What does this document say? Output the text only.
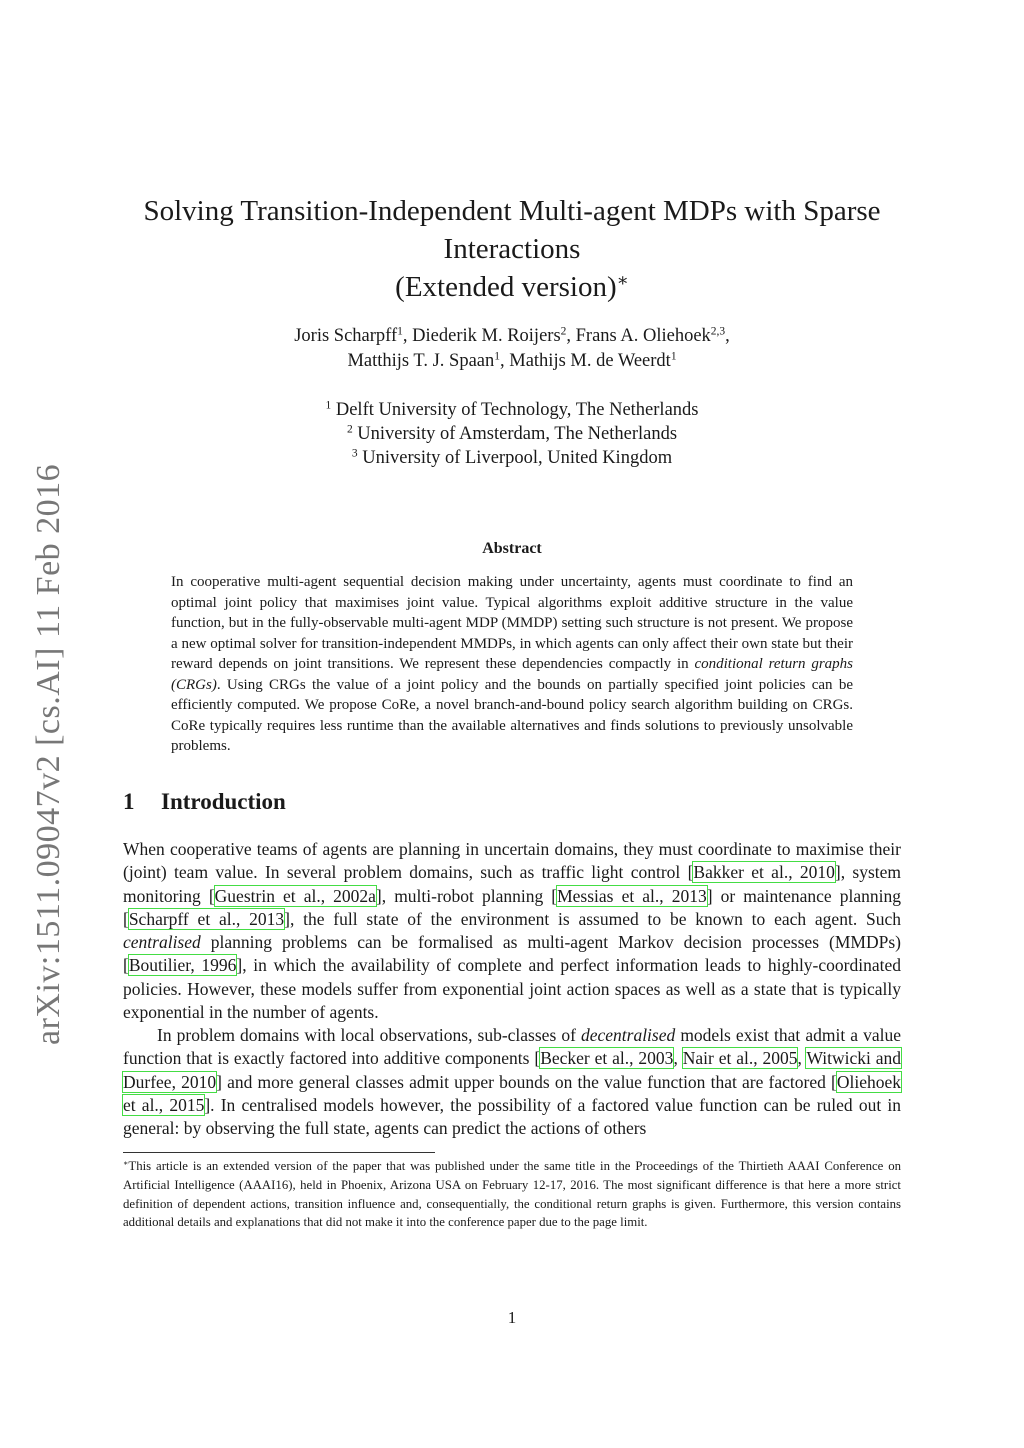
arXiv:1511.09047v2 [cs.AI] 11 Feb 2016
Solving Transition-Independent Multi-agent MDPs with Sparse
Interactions
(Extended version)∗
Joris Scharpff$^1$, Diederik M. Roijers$^2$, Frans A. Oliehoek$^{2,3}$,
Matthijs T. J. Spaan$^1$, Mathijs M. de Weerdt$^1$
$^1$ Delft University of Technology, The Netherlands
$^2$ University of Amsterdam, The Netherlands
$^3$ University of Liverpool, United Kingdom
Abstract
In cooperative multi-agent sequential decision making under uncertainty, agents must coordinate to find an optimal joint policy that maximises joint value. Typical algorithms exploit additive structure in the value function, but in the fully-observable multi-agent MDP (MMDP) setting such structure is not present. We propose a new optimal solver for transition-independent MMDPs, in which agents can only affect their own state but their reward depends on joint transitions. We represent these dependencies compactly in conditional return graphs (CRGs). Using CRGs the value of a joint policy and the bounds on partially specified joint policies can be efficiently computed. We propose CoRe, a novel branch-and-bound policy search algorithm building on CRGs. CoRe typically requires less runtime than the available alternatives and finds solutions to previously unsolvable problems.
1 Introduction
When cooperative teams of agents are planning in uncertain domains, they must coordinate to maximise their (joint) team value. In several problem domains, such as traffic light control [Bakker et al., 2010], system monitoring [Guestrin et al., 2002a], multi-robot planning [Messias et al., 2013] or maintenance planning [Scharpff et al., 2013], the full state of the environment is assumed to be known to each agent. Such centralised planning problems can be formalised as multi-agent Markov decision processes (MMDPs) [Boutilier, 1996], in which the availability of complete and perfect information leads to highly-coordinated policies. However, these models suffer from exponential joint action spaces as well as a state that is typically exponential in the number of agents.
In problem domains with local observations, sub-classes of decentralised models exist that admit a value function that is exactly factored into additive components [Becker et al., 2003, Nair et al., 2005, Witwicki and Durfee, 2010] and more general classes admit upper bounds on the value function that are factored [Oliehoek et al., 2015]. In centralised models however, the possibility of a factored value function can be ruled out in general: by observing the full state, agents can predict the actions of others
∗This article is an extended version of the paper that was published under the same title in the Proceedings of the Thirtieth AAAI Conference on Artificial Intelligence (AAAI16), held in Phoenix, Arizona USA on February 12-17, 2016. The most significant difference is that here a more strict definition of dependent actions, transition influence and, consequentially, the conditional return graphs is given. Furthermore, this version contains additional details and explanations that did not make it into the conference paper due to the page limit.
1
